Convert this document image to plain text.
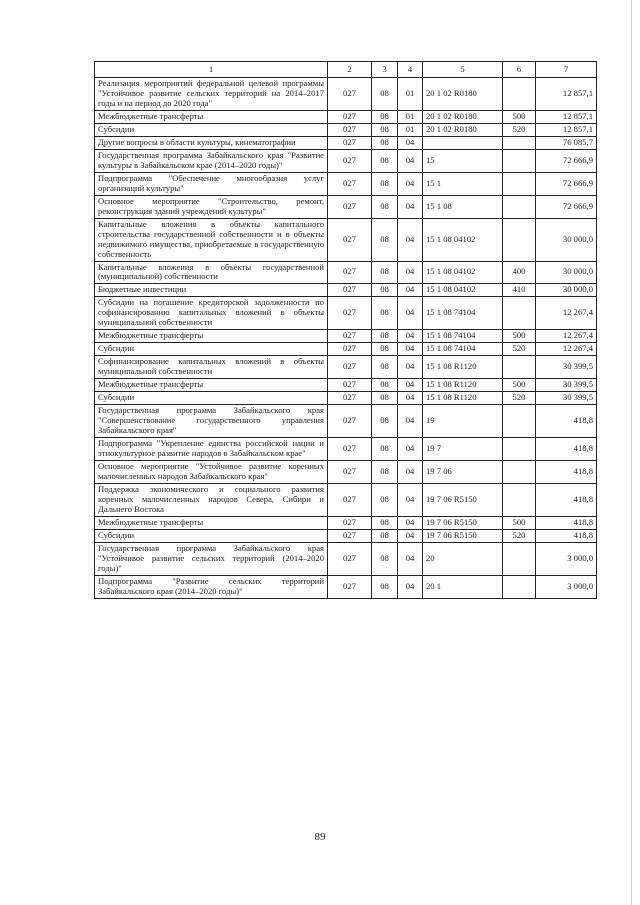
1	2	3	4	5	6	7
Реализация мероприятий федеральной целевой программы "Устойчивое развитие сельских территорий на 2014–2017 годы и на период до 2020 года"	027	08	01	20 1 02 R0180		12 857,1
Межбюджетные трансферты	027	08	01	20 1 02 R0180	500	12 857,1
Субсидии	027	08	01	20 1 02 R0180	520	12 857,1
Другие вопросы в области культуры, кинематографии	027	08	04			76 085,7
Государственная программа Забайкальского края "Развитие культуры в Забайкальском крае (2014–2020 годы)"	027	08	04	15		72 666,9
Подпрограмма "Обеспечение многообразия услуг организаций культуры"	027	08	04	15 1		72 666,9
Основное мероприятие "Строительство, ремонт, реконструкция зданий учреждений культуры"	027	08	04	15 1 08		72 666,9
Капитальные вложения в объекты капитального строительства государственной собственности и в объекты недвижимого имущества, приобретаемые в государственную собственность	027	08	04	15 1 08 04102		30 000,0
Капитальные вложения в объекты государственной (муниципальной) собственности	027	08	04	15 1 08 04102	400	30 000,0
Бюджетные инвестиции	027	08	04	15 1 08 04102	410	30 000,0
Субсидии на погашение кредиторской задолженности по софинансированию капитальных вложений в объекты муниципальной собственности	027	08	04	15 1 08 74104		12 267,4
Межбюджетные трансферты	027	08	04	15 1 08 74104	500	12 267,4
Субсидии	027	08	04	15 1 08 74104	520	12 267,4
Софинансирование капитальных вложений в объекты муниципальной собственности	027	08	04	15 1 08 R1120		30 399,5
Межбюджетные трансферты	027	08	04	15 1 08 R1120	500	30 399,5
Субсидии	027	08	04	15 1 08 R1120	520	30 399,5
Государственная программа Забайкальского края "Совершенствование государственного управления Забайкальского края"	027	08	04	19		418,8
Подпрограмма "Укрепление единства российской нации и этнокультурное развитие народов в Забайкальском крае"	027	08	04	19 7		418,8
Основное мероприятие "Устойчивое развитие коренных малочисленных народов Забайкальского края"	027	08	04	19 7 06		418,8
Поддержка экономического и социального развития коренных малочисленных народов Севера, Сибири и Дальнего Востока	027	08	04	19 7 06 R5150		418,8
Межбюджетные трансферты	027	08	04	19 7 06 R5150	500	418,8
Субсидии	027	08	04	19 7 06 R5150	520	418,8
Государственная программа Забайкальского края "Устойчивое развитие сельских территорий (2014–2020 годы)"	027	08	04	20		3 000,0
Подпрограмма "Развитие сельских территорий Забайкальского края (2014–2020 годы)"	027	08	04	20 1		3 000,0
89
